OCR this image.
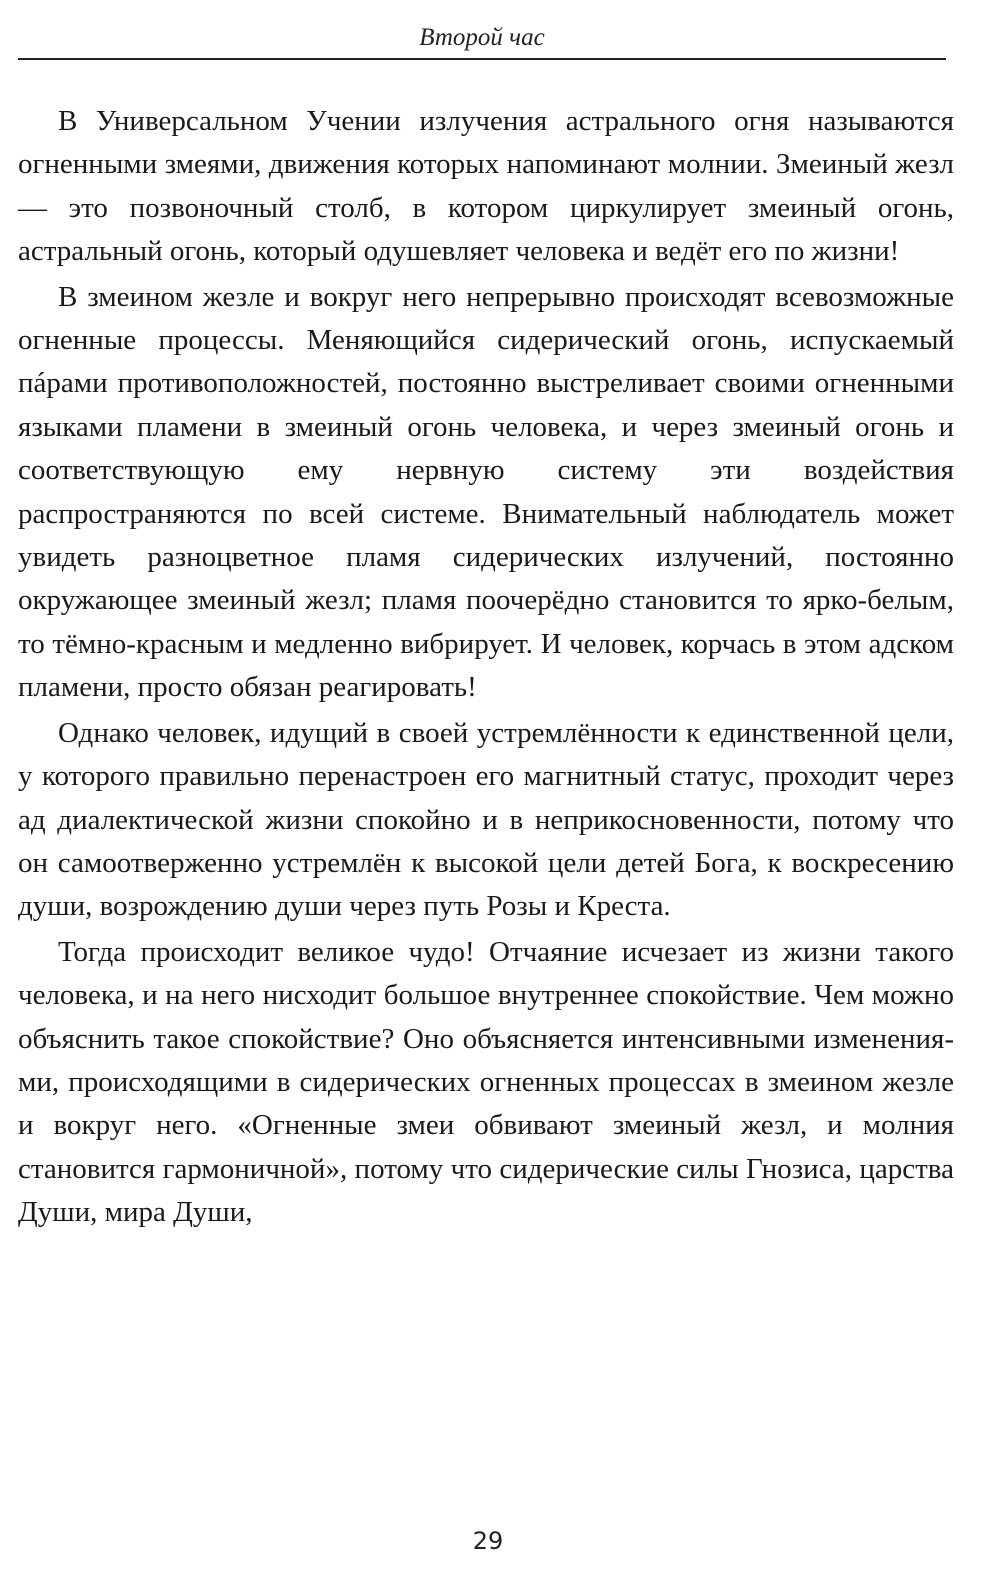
Второй час

В Универсальном Учении излучения астрального огня называются огненными змеями, движения которых напоминают молнии. Змеиный жезл — это позвоночный столб, в котором циркулирует змеиный огонь, астральный огонь, который одушевляет человека и ведёт его по жизни!

В змеином жезле и вокруг него непрерывно происходят всевозможные огненные процессы. Меняющийся сидерический огонь, испускаемый пáрами противоположностей, постоянно выстреливает своими огненными языками пламени в змеиный огонь человека, и через змеиный огонь и соответствующую ему нервную систему эти воздействия распространяются по всей системе. Внимательный наблюдатель может увидеть разноцветное пламя сидерических излучений, постоянно окружающее змеиный жезл; пламя поочерёдно становится то ярко-белым, то тёмно-красным и медленно вибрирует. И человек, корчась в этом адском пламени, просто обязан реагировать!

Однако человек, идущий в своей устремлённости к единственной цели, у которого правильно перенастроен его магнитный статус, проходит через ад диалектической жизни спокойно и в неприкосновенности, потому что он самоотверженно устремлён к высокой цели детей Бога, к воскресению души, возрождению души через путь Розы и Креста.

Тогда происходит великое чудо! Отчаяние исчезает из жизни такого человека, и на него нисходит большое внутреннее спокойствие. Чем можно объяснить такое спокойствие? Оно объясняется интенсивными изменениями, происходящими в сидерических огненных процессах в змеином жезле и вокруг него. «Огненные змеи обвивают змеиный жезл, и молния становится гармоничной», потому что сидерические силы Гнозиса, царства Души, мира Души,

29
